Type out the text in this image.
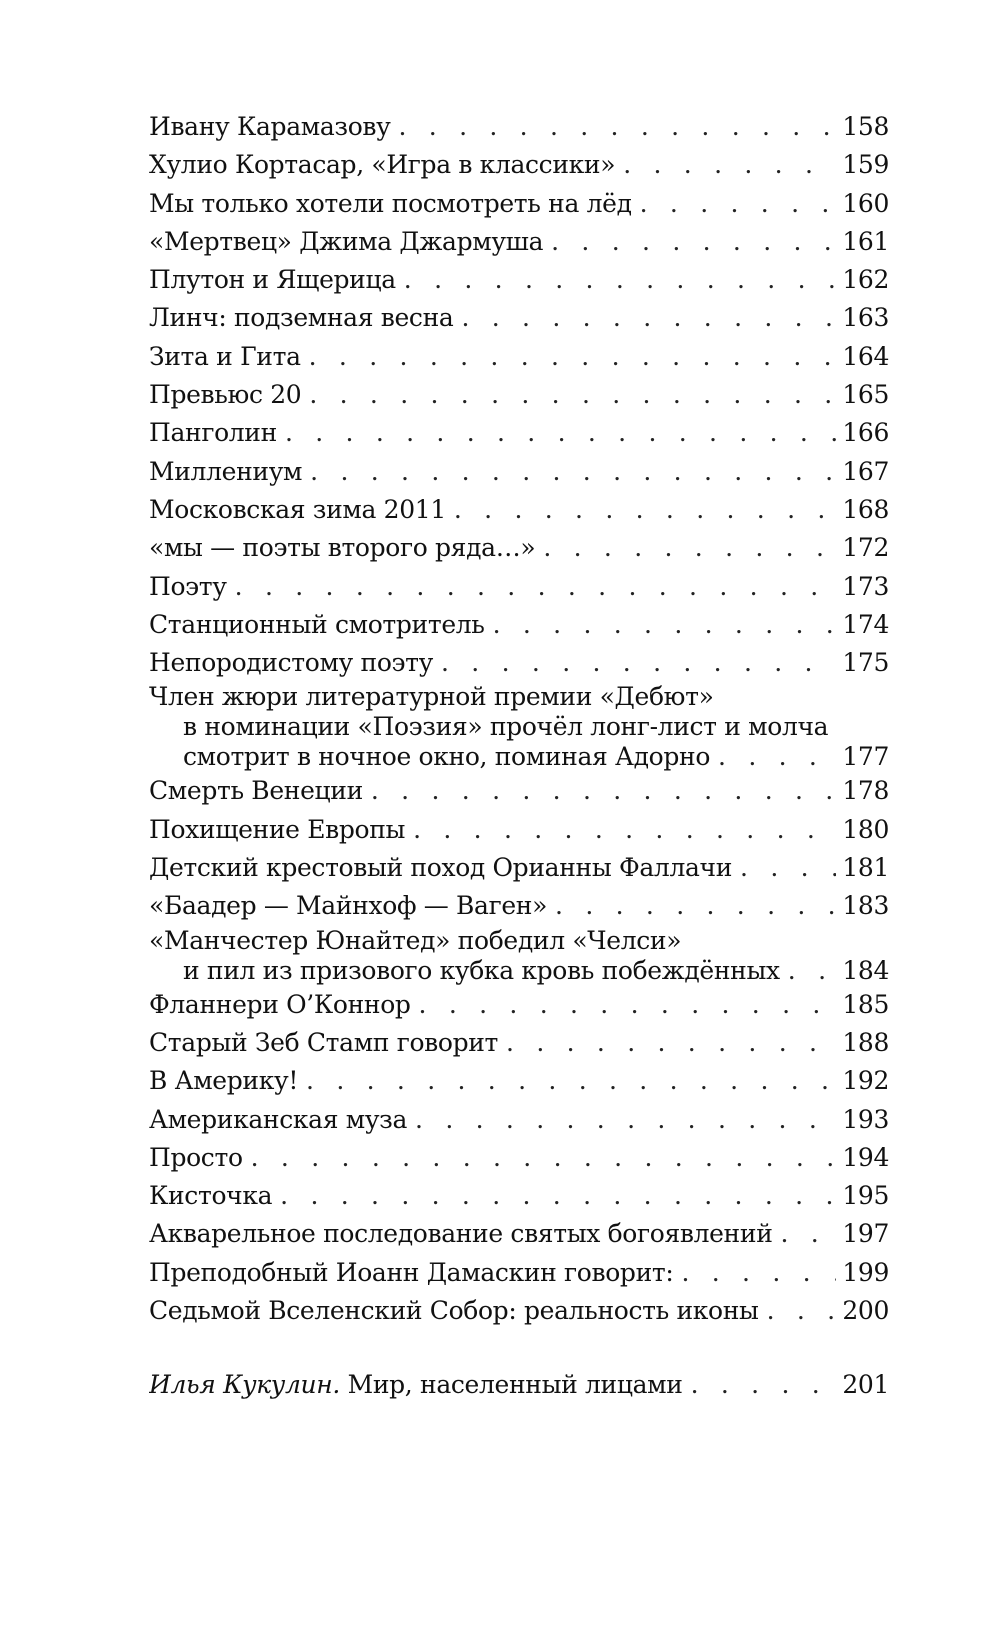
Ивану Карамазову . . .	158
Хулио Кортасар, «Игра в классики» . . .	159
Мы только хотели посмотреть на лёд . . .	160
«Мертвец» Джима Джармуша . . .	161
Плутон и Ящерица . . .	162
Линч: подземная весна . . .	163
Зита и Гита . . .	164
Превьюс 20 . . .	165
Панголин . . .	166
Миллениум . . .	167
Московская зима 2011 . . .	168
«мы — поэты второго ряда…» . . .	172
Поэту . . .	173
Станционный смотритель . . .	174
Непородистому поэту . . .	175
Член жюри литературной премии «Дебют»
в номинации «Поэзия» прочёл лонг-лист и молча
смотрит в ночное окно, поминая Адорно . . .	177
Смерть Венеции . . .	178
Похищение Европы . . .	180
Детский крестовый поход Орианны Фаллачи . . .	181
«Баадер — Майнхоф — Ваген» . . .	183
«Манчестер Юнайтед» победил «Челси»
и пил из призового кубка кровь побеждённых . . .	184
Фланнери О’Коннор . . .	185
Старый Зеб Стамп говорит . . .	188
В Америку! . . .	192
Американская муза . . .	193
Просто . . .	194
Кисточка . . .	195
Акварельное последование святых богоявлений . . .	197
Преподобный Иоанн Дамаскин говорит: . . .	199
Седьмой Вселенский Собор: реальность иконы . . .	200
Илья Кукулин. Мир, населенный лицами . . .	201
